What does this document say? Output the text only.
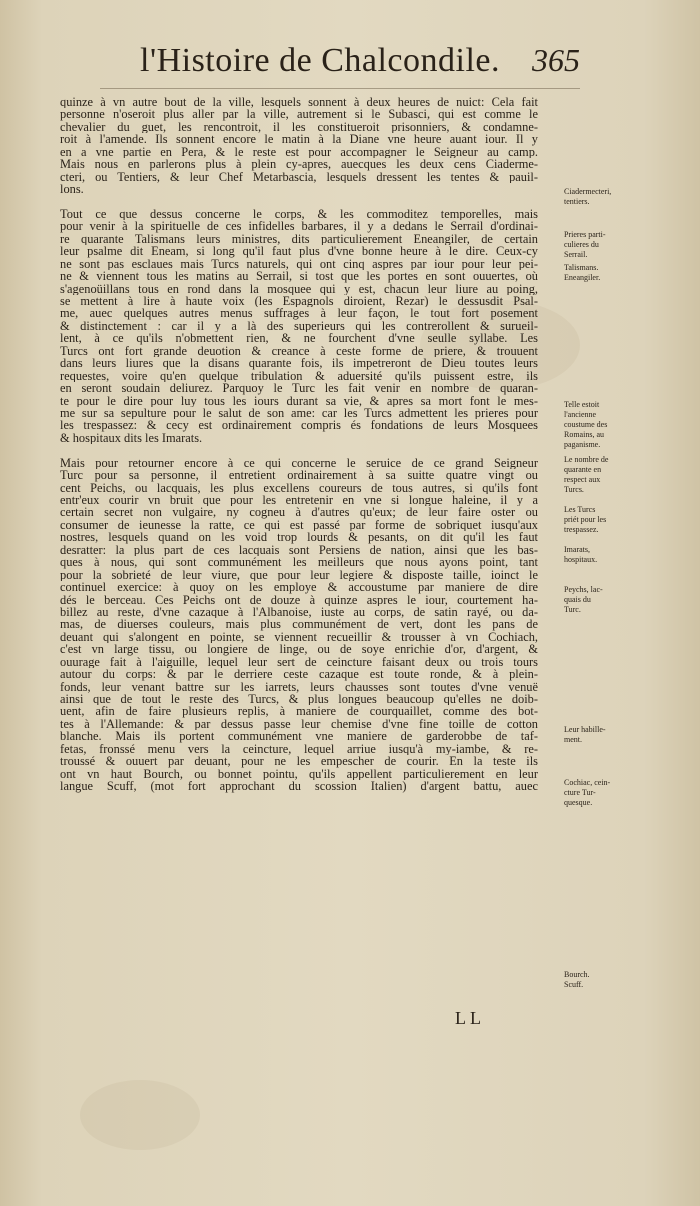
l'Histoire de Chalcondile. 365
quinze à vn autre bout de la ville, lesquels sonnent à deux heures de nuict: Cela fait
personne n'oseroit plus aller par la ville, autrement si le Subasci, qui est comme le
chevalier du guet, les rencontroit, il les constitueroit prisonniers, & condamne-
roit à l'amende. Ils sonnent encore le matin à la Diane vne heure auant iour. Il y
en a vne partie en Pera, & le reste est pour accompagner le Seigneur au camp.
Mais nous en parlerons plus à plein cy-apres, auecques les deux cens Ciaderme-
cteri, ou Tentiers, & leur Chef Metarbascia, lesquels dressent les tentes & pauil-
lons.
Tout ce que dessus concerne le corps, & les commoditez temporelles, mais
pour venir à la spirituelle de ces infidelles barbares, il y a dedans le Serrail d'ordinai-
re quarante Talismans leurs ministres, dits particulierement Eneangiler, de certain
leur psalme dit Eneam, si long qu'il faut plus d'vne bonne heure à le dire. Ceux-cy
ne sont pas esclaues mais Turcs naturels, qui ont cinq aspres par iour pour leur pei-
ne & viennent tous les matins au Serrail, si tost que les portes en sont ouuertes, où
s'agenoüillans tous en rond dans la mosquee qui y est, chacun leur liure au poing,
se mettent à lire à haute voix (les Espagnols diroient, Rezar) le dessusdit Psal-
me, auec quelques autres menus suffrages à leur façon, le tout fort posement
& distinctement : car il y a là des superieurs qui les contrerollent & surueil-
lent, à ce qu'ils n'obmettent rien, & ne fourchent d'vne seulle syllabe. Les
Turcs ont fort grande deuotion & creance à ceste forme de priere, & trouuent
dans leurs liures que la disans quarante fois, ils impetreront de Dieu toutes leurs
requestes, voire qu'en quelque tribulation & aduersité qu'ils puissent estre, ils
en seront soudain deliurez. Parquoy le Turc les fait venir en nombre de quaran-
te pour le dire pour luy tous les iours durant sa vie, & apres sa mort font le mes-
me sur sa sepulture pour le salut de son ame: car les Turcs admettent les prieres pour
les trespassez: & cecy est ordinairement compris és fondations de leurs Mosquees
& hospitaux dits les Imarats.
Mais pour retourner encore à ce qui concerne le seruice de ce grand Seigneur
Turc pour sa personne, il entretient ordinairement à sa suitte quatre vingt ou
cent Peichs, ou lacquais, les plus excellens coureurs de tous autres, si qu'ils font
entr'eux courir vn bruit que pour les entretenir en vne si longue haleine, il y a
certain secret non vulgaire, ny cogneu à d'autres qu'eux; de leur faire oster ou
consumer de ieunesse la ratte, ce qui est passé par forme de sobriquet iusqu'aux
nostres, lesquels quand on les void trop lourds & pesants, on dit qu'il les faut
desratter: la plus part de ces lacquais sont Persiens de nation, ainsi que les bas-
ques à nous, qui sont communément les meilleurs que nous ayons point, tant
pour la sobrieté de leur viure, que pour leur legiere & dispostе taille, ioinct le
continuel exercice: à quoy on les employe & accoustume par maniere de dire
dés le berceau. Ces Peichs ont de douze à quinze aspres le iour, courtement ha-
billez au reste, d'vne cazaque à l'Albanoise, iuste au corps, de satin rayé, ou da-
mas, de diuerses couleurs, mais plus communément de vert, dont les pans de
deuant qui s'alongent en pointe, se viennent recueillir & trousser à vn Cochiach,
c'est vn large tissu, ou longiere de linge, ou de soye enrichie d'or, d'argent, &
ouurage fait à l'aiguille, lequel leur sert de ceincture faisant deux ou trois tours
autour du corps: & par le derriere ceste cazaque est toute ronde, & à plein-
fonds, leur venant battre sur les iarrets, leurs chausses sont toutes d'vne venuë
ainsi que de tout le reste des Turcs, & plus longues beaucoup qu'elles ne doib-
uent, afin de faire plusieurs replis, à maniere de courquaillet, comme des bot-
tes à l'Allemande: & par dessus passe leur chemise d'vne fine toille de cotton
blanche. Mais ils portent communément vne maniere de garderobbe de taf-
fetas, fronssé menu vers la ceincture, lequel arriue iusqu'à my-iambe, & re-
troussé & ouuert par deuant, pour ne les empescher de courir. En la teste ils
ont vn haut Bourch, ou bonnet pointu, qu'ils appellent particulierement en leur
langue Scuff, (mot fort approchant du scossion Italien) d'argent battu, auec
Ciadermecteri,
tentiers.
Prieres parti-
culieres du
Serrail.
Talismans.
Eneangiler.
Telle estoit
l'ancienne
coustume des
Romains, au
paganisme.
Le nombre de
quarante en
respect aux
Turcs.
Les Turcs
priét pour les
trespassez.
Imarats,
hospitaux.
Peychs, lac-
quais du
Turc.
Leur habille-
ment.
Cochiac, cein-
cture Tur-
quesque.
Bourch.
Scuff.
LL
